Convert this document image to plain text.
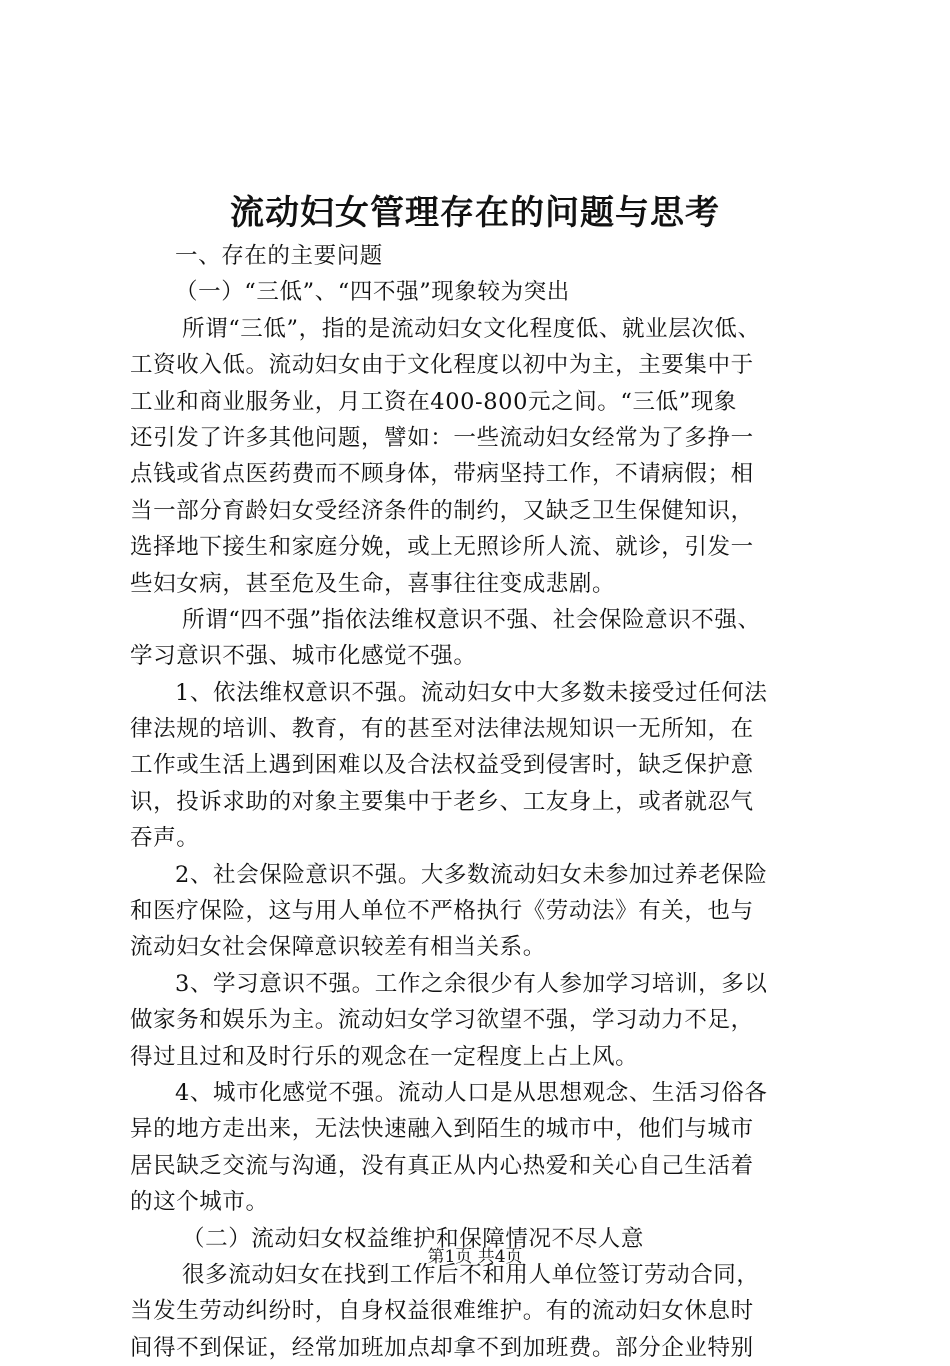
流动妇女管理存在的问题与思考
一、存在的主要问题
（一）“三低”、“四不强”现象较为突出
所谓“三低”，指的是流动妇女文化程度低、就业层次低、
工资收入低。流动妇女由于文化程度以初中为主，主要集中于
工业和商业服务业，月工资在400-800元之间。“三低”现象
还引发了许多其他问题，譬如：一些流动妇女经常为了多挣一
点钱或省点医药费而不顾身体，带病坚持工作，不请病假；相
当一部分育龄妇女受经济条件的制约，又缺乏卫生保健知识，
选择地下接生和家庭分娩，或上无照诊所人流、就诊，引发一
些妇女病，甚至危及生命，喜事往往变成悲剧。
所谓“四不强”指依法维权意识不强、社会保险意识不强、
学习意识不强、城市化感觉不强。
1、依法维权意识不强。流动妇女中大多数未接受过任何法
律法规的培训、教育，有的甚至对法律法规知识一无所知，在
工作或生活上遇到困难以及合法权益受到侵害时，缺乏保护意
识，投诉求助的对象主要集中于老乡、工友身上，或者就忍气
吞声。
2、社会保险意识不强。大多数流动妇女未参加过养老保险
和医疗保险，这与用人单位不严格执行《劳动法》有关，也与
流动妇女社会保障意识较差有相当关系。
3、学习意识不强。工作之余很少有人参加学习培训，多以
做家务和娱乐为主。流动妇女学习欲望不强，学习动力不足，
得过且过和及时行乐的观念在一定程度上占上风。
4、城市化感觉不强。流动人口是从思想观念、生活习俗各
异的地方走出来，无法快速融入到陌生的城市中，他们与城市
居民缺乏交流与沟通，没有真正从内心热爱和关心自己生活着
的这个城市。
（二）流动妇女权益维护和保障情况不尽人意
很多流动妇女在找到工作后不和用人单位签订劳动合同，
当发生劳动纠纷时，自身权益很难维护。有的流动妇女休息时
间得不到保证，经常加班加点却拿不到加班费。部分企业特别
第1页 共4页
